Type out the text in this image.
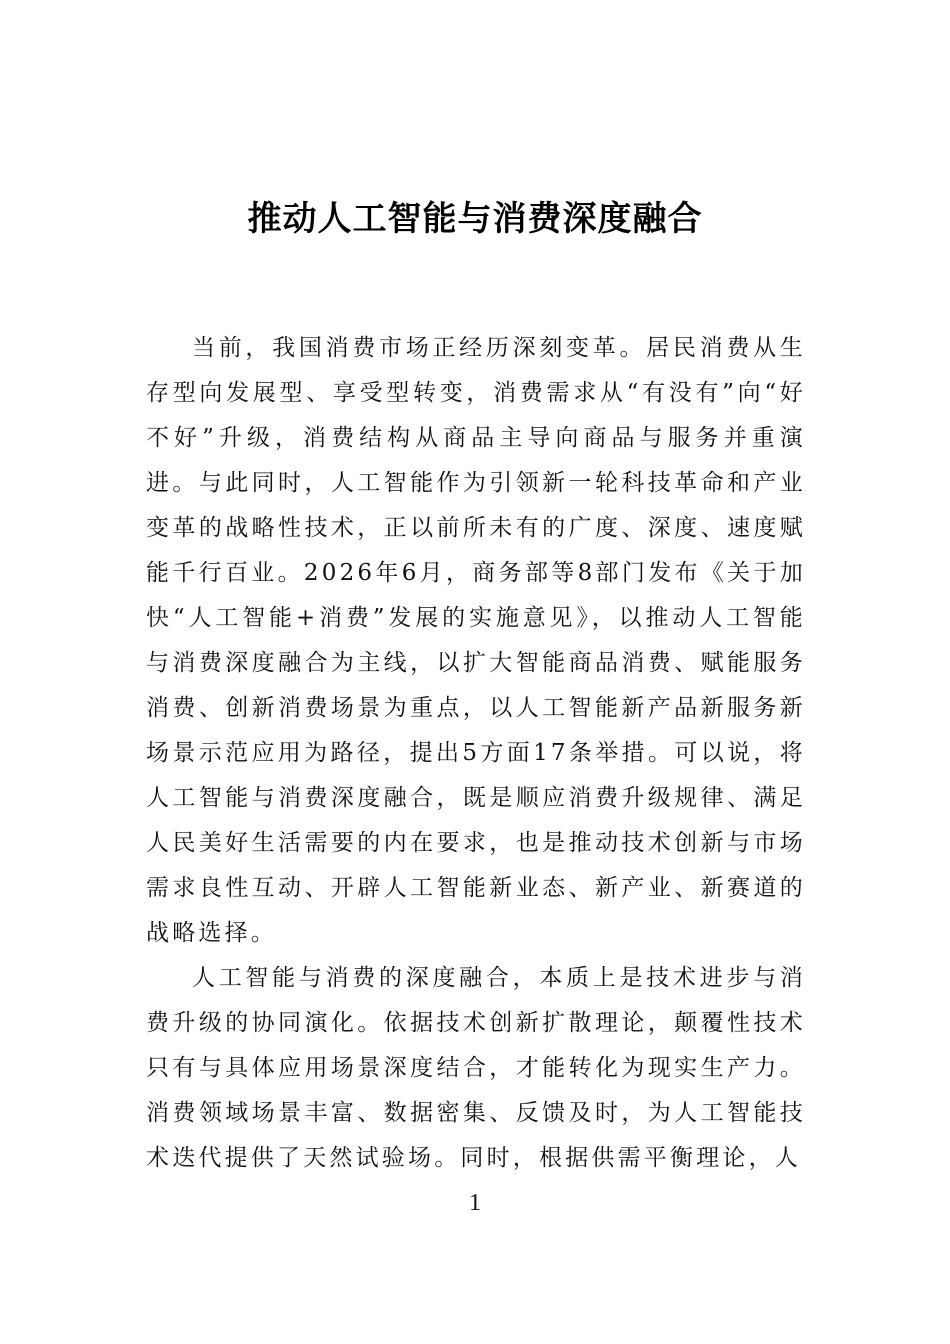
推动人工智能与消费深度融合

当前，我国消费市场正经历深刻变革。居民消费从生存型向发展型、享受型转变，消费需求从“有没有”向“好不好”升级，消费结构从商品主导向商品与服务并重演进。与此同时，人工智能作为引领新一轮科技革命和产业变革的战略性技术，正以前所未有的广度、深度、速度赋能千行百业。2026年6月，商务部等8部门发布《关于加快“人工智能+消费”发展的实施意见》，以推动人工智能与消费深度融合为主线，以扩大智能商品消费、赋能服务消费、创新消费场景为重点，以人工智能新产品新服务新场景示范应用为路径，提出5方面17条举措。可以说，将人工智能与消费深度融合，既是顺应消费升级规律、满足人民美好生活需要的内在要求，也是推动技术创新与市场需求良性互动、开辟人工智能新业态、新产业、新赛道的战略选择。

人工智能与消费的深度融合，本质上是技术进步与消费升级的协同演化。依据技术创新扩散理论，颠覆性技术只有与具体应用场景深度结合，才能转化为现实生产力。消费领域场景丰富、数据密集、反馈及时，为人工智能技术迭代提供了天然试验场。同时，根据供需平衡理论，人

1
